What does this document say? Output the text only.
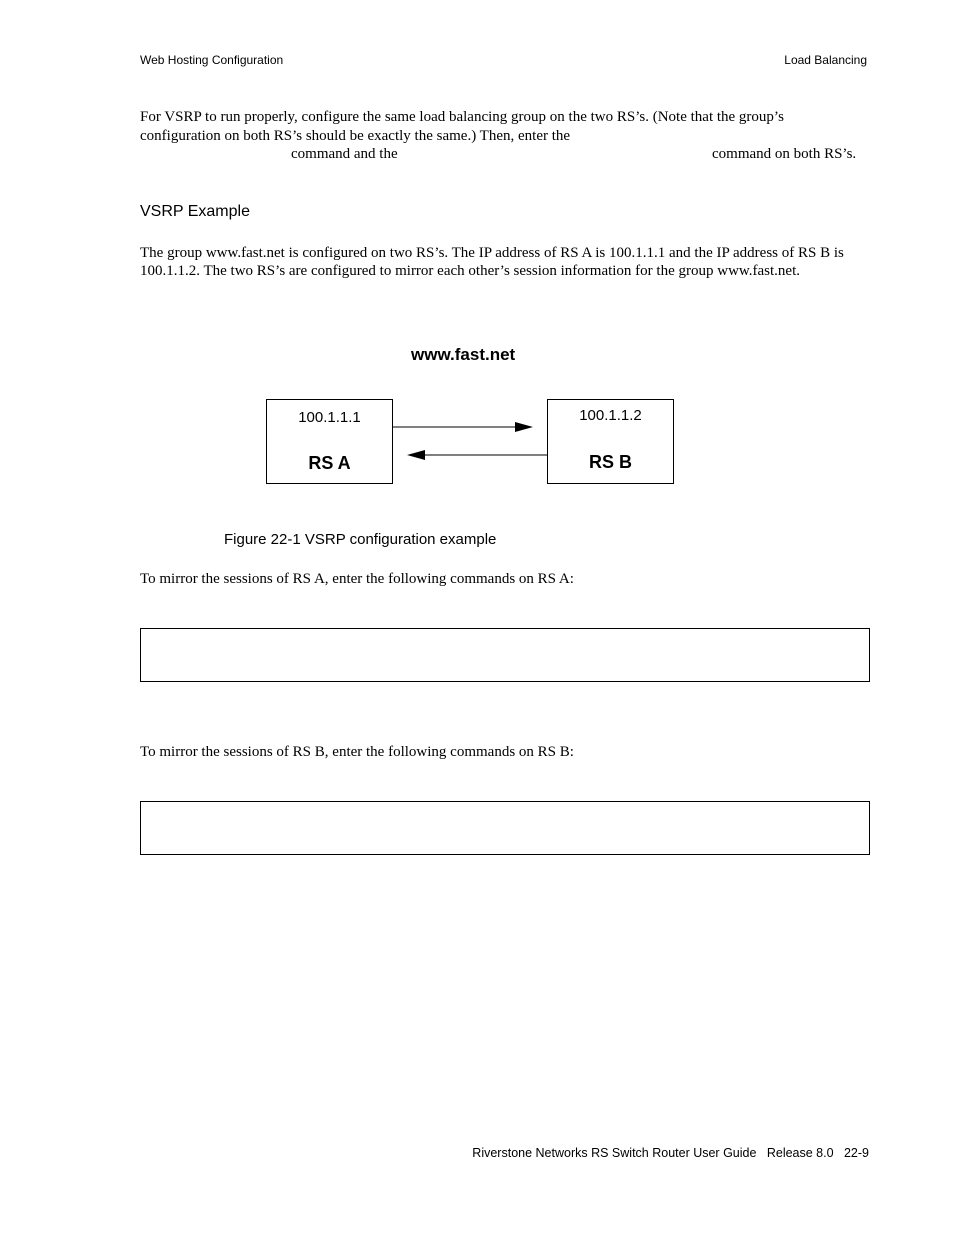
Web Hosting Configuration	Load Balancing
For VSRP to run properly, configure the same load balancing group on the two RS’s. (Note that the group’s
configuration on both RS’s should be exactly the same.) Then, enter the
command and the	command on both RS’s.
VSRP Example
The group www.fast.net is configured on two RS’s. The IP address of RS A is 100.1.1.1 and the IP address of RS B is
100.1.1.2. The two RS’s are configured to mirror each other’s session information for the group www.fast.net.
www.fast.net
100.1.1.1
RS A
100.1.1.2
RS B
Figure 22-1 VSRP configuration example
To mirror the sessions of RS A, enter the following commands on RS A:
To mirror the sessions of RS B, enter the following commands on RS B:
Riverstone Networks RS Switch Router User Guide   Release 8.0   22-9
